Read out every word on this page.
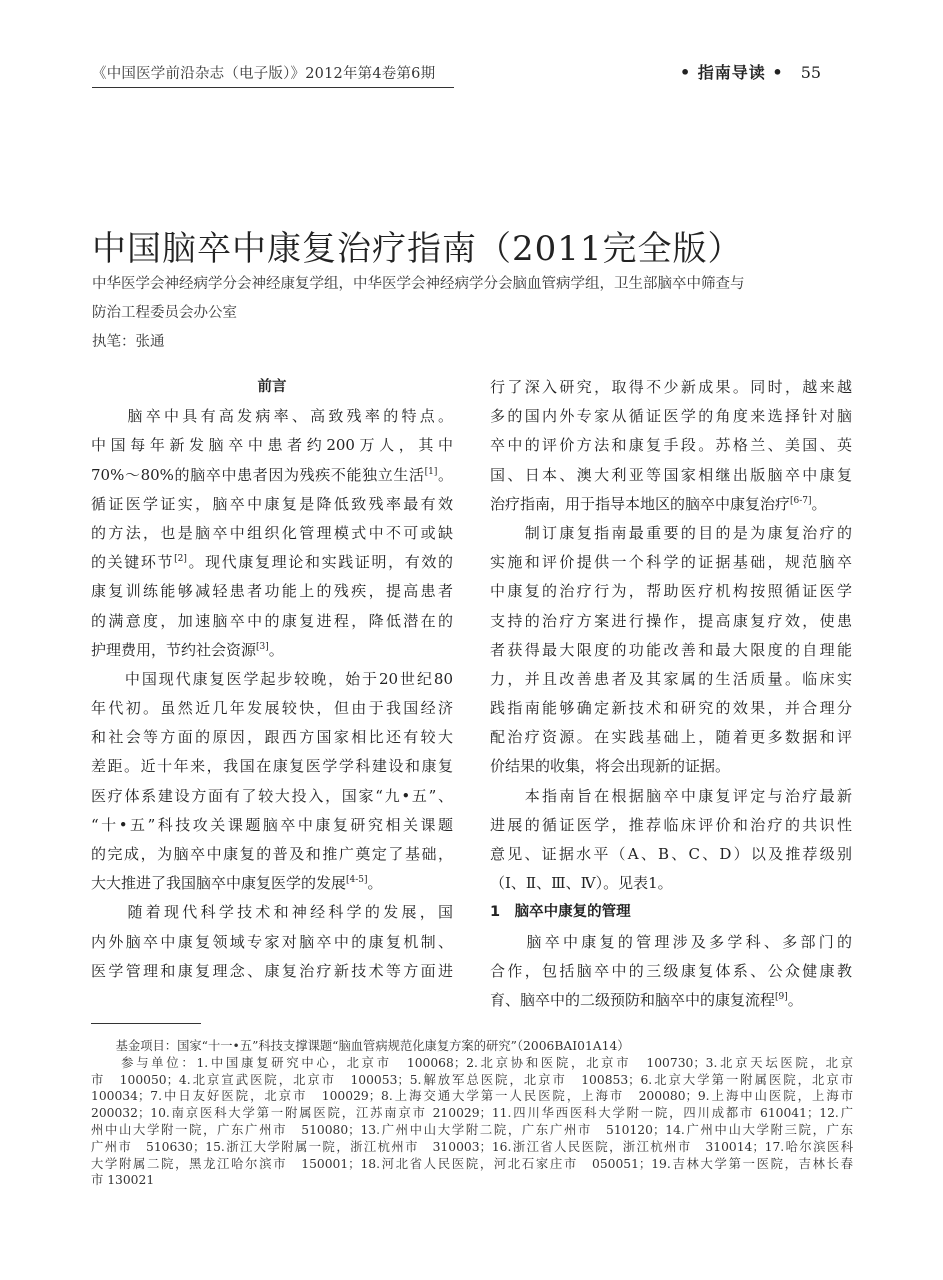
《中国医学前沿杂志（电子版）》2012年第4卷第6期	• 指南导读 • 55
中国脑卒中康复治疗指南（2011完全版）
中华医学会神经病学分会神经康复学组，中华医学会神经病学分会脑血管病学组，卫生部脑卒中筛查与
防治工程委员会办公室
执笔：张通
前言
　　脑卒中具有高发病率、高致残率的特点。
中国每年新发脑卒中患者约200万人，其中
70%～80%的脑卒中患者因为残疾不能独立生活[1]。
循证医学证实，脑卒中康复是降低致残率最有效
的方法，也是脑卒中组织化管理模式中不可或缺
的关键环节[2]。现代康复理论和实践证明，有效的
康复训练能够减轻患者功能上的残疾，提高患者
的满意度，加速脑卒中的康复进程，降低潜在的
护理费用，节约社会资源[3]。
　　中国现代康复医学起步较晚，始于20世纪80
年代初。虽然近几年发展较快，但由于我国经济
和社会等方面的原因，跟西方国家相比还有较大
差距。近十年来，我国在康复医学学科建设和康复
医疗体系建设方面有了较大投入，国家“九•五”、
“十•五”科技攻关课题脑卒中康复研究相关课题
的完成，为脑卒中康复的普及和推广奠定了基础，
大大推进了我国脑卒中康复医学的发展[4-5]。
　　随着现代科学技术和神经科学的发展，国
内外脑卒中康复领域专家对脑卒中的康复机制、
医学管理和康复理念、康复治疗新技术等方面进
行了深入研究，取得不少新成果。同时，越来越
多的国内外专家从循证医学的角度来选择针对脑
卒中的评价方法和康复手段。苏格兰、美国、英
国、日本、澳大利亚等国家相继出版脑卒中康复
治疗指南，用于指导本地区的脑卒中康复治疗[6-7]。
　　制订康复指南最重要的目的是为康复治疗的
实施和评价提供一个科学的证据基础，规范脑卒
中康复的治疗行为，帮助医疗机构按照循证医学
支持的治疗方案进行操作，提高康复疗效，使患
者获得最大限度的功能改善和最大限度的自理能
力，并且改善患者及其家属的生活质量。临床实
践指南能够确定新技术和研究的效果，并合理分
配治疗资源。在实践基础上，随着更多数据和评
价结果的收集，将会出现新的证据。
　　本指南旨在根据脑卒中康复评定与治疗最新
进展的循证医学，推荐临床评价和治疗的共识性
意见、证据水平（A、B、C、D）以及推荐级别
（Ⅰ、Ⅱ、Ⅲ、Ⅳ）。见表1。
1　脑卒中康复的管理
　　脑卒中康复的管理涉及多学科、多部门的
合作，包括脑卒中的三级康复体系、公众健康教
育、脑卒中的二级预防和脑卒中的康复流程[9]。
　　基金项目：国家“十一•五”科技支撑课题“脑血管病规范化康复方案的研究”（2006BAI01A14）
　　参与单位：1.中国康复研究中心，北京市　100068；2.北京协和医院，北京市　100730；3.北京天坛医院，北京
市　100050；4.北京宣武医院，北京市　100053；5.解放军总医院，北京市　100853；6.北京大学第一附属医院，北京市
100034；7.中日友好医院，北京市　100029；8.上海交通大学第一人民医院，上海市　200080；9.上海中山医院，上海市
200032；10.南京医科大学第一附属医院，江苏南京市 210029；11.四川华西医科大学附一院，四川成都市 610041；12.广
州中山大学附一院，广东广州市　510080；13.广州中山大学附二院，广东广州市　510120；14.广州中山大学附三院，广东
广州市　510630；15.浙江大学附属一院，浙江杭州市　310003；16.浙江省人民医院，浙江杭州市　310014；17.哈尔滨医科
大学附属二院，黑龙江哈尔滨市　150001；18.河北省人民医院，河北石家庄市　050051；19.吉林大学第一医院，吉林长春
市 130021
